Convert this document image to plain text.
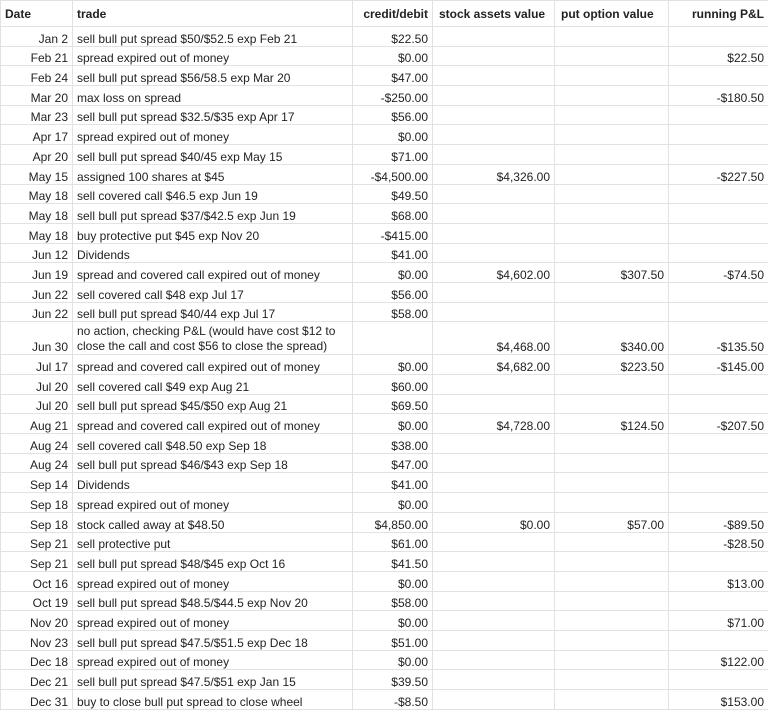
Date	trade	credit/debit	stock assets value	put option value	running P&L
Jan 2	sell bull put spread $50/$52.5 exp Feb 21	$22.50			
Feb 21	spread expired out of money	$0.00			$22.50
Feb 24	sell bull put spread $56/58.5 exp Mar 20	$47.00			
Mar 20	max loss on spread	-$250.00			-$180.50
Mar 23	sell bull put spread $32.5/$35 exp Apr 17	$56.00			
Apr 17	spread expired out of money	$0.00			
Apr 20	sell bull put spread $40/45 exp May 15	$71.00			
May 15	assigned 100 shares at $45	-$4,500.00	$4,326.00		-$227.50
May 18	sell covered call $46.5 exp Jun 19	$49.50			
May 18	sell bull put spread $37/$42.5 exp Jun 19	$68.00			
May 18	buy protective put $45 exp Nov 20	-$415.00			
Jun 12	Dividends	$41.00			
Jun 19	spread and covered call expired out of money	$0.00	$4,602.00	$307.50	-$74.50
Jun 22	sell covered call $48 exp Jul 17	$56.00			
Jun 22	sell bull put spread $40/44 exp Jul 17	$58.00			
Jun 30	no action, checking P&L (would have cost $12 to close the call and cost $56 to close the spread)		$4,468.00	$340.00	-$135.50
Jul 17	spread and covered call expired out of money	$0.00	$4,682.00	$223.50	-$145.00
Jul 20	sell covered call $49 exp Aug 21	$60.00			
Jul 20	sell bull put spread $45/$50 exp Aug 21	$69.50			
Aug 21	spread and covered call expired out of money	$0.00	$4,728.00	$124.50	-$207.50
Aug 24	sell covered call $48.50 exp Sep 18	$38.00			
Aug 24	sell bull put spread $46/$43 exp Sep 18	$47.00			
Sep 14	Dividends	$41.00			
Sep 18	spread expired out of money	$0.00			
Sep 18	stock called away at $48.50	$4,850.00	$0.00	$57.00	-$89.50
Sep 21	sell protective put	$61.00			-$28.50
Sep 21	sell bull put spread $48/$45 exp Oct 16	$41.50			
Oct 16	spread expired out of money	$0.00			$13.00
Oct 19	sell bull put spread $48.5/$44.5 exp Nov 20	$58.00			
Nov 20	spread expired out of money	$0.00			$71.00
Nov 23	sell bull put spread $47.5/$51.5 exp Dec 18	$51.00			
Dec 18	spread expired out of money	$0.00			$122.00
Dec 21	sell bull put spread $47.5/$51 exp Jan 15	$39.50			
Dec 31	buy to close bull put spread to close wheel	-$8.50			$153.00
